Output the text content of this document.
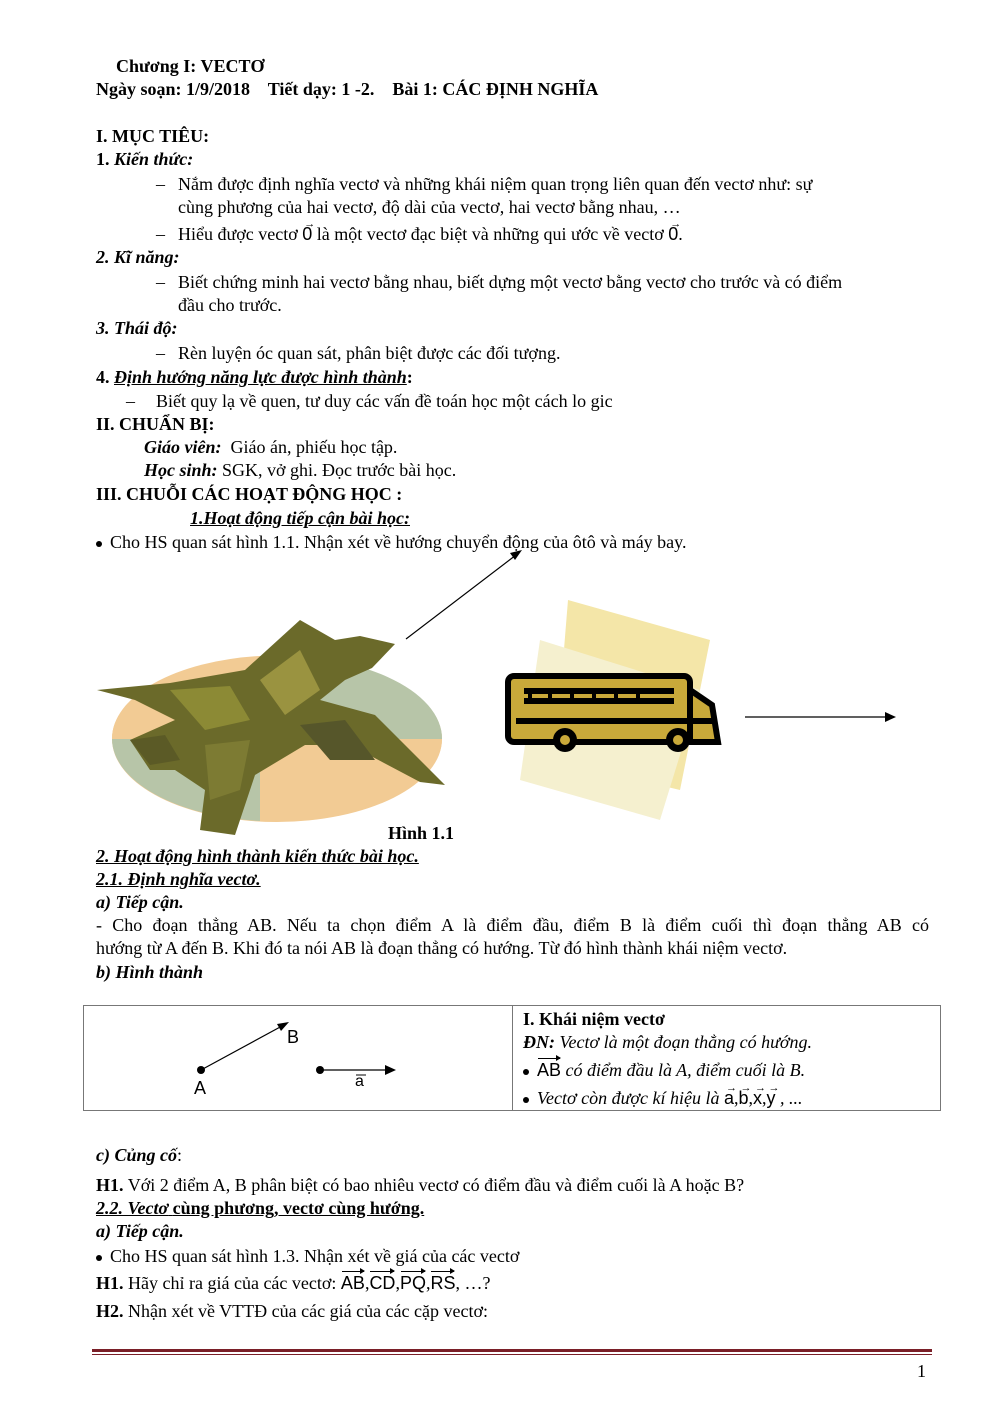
Chương I: VECTƠ
Ngày soạn: 1/9/2018 Tiết dạy: 1 -2. Bài 1: CÁC ĐỊNH NGHĨA
I. MỤC TIÊU:
1. Kiến thức:
– Nắm được định nghĩa vectơ và những khái niệm quan trọng liên quan đến vectơ như: sự
cùng phương của hai vectơ, độ dài của vectơ, hai vectơ bằng nhau, …
– Hiểu được vectơ → 0 là một vectơ đạc biệt và những qui ước về vectơ → 0.
2. Kĩ năng:
– Biết chứng minh hai vectơ bằng nhau, biết dựng một vectơ bằng vectơ cho trước và có điểm
đầu cho trước.
3. Thái độ:
– Rèn luyện óc quan sát, phân biệt được các đối tượng.
4. Định hướng năng lực được hình thành:
– Biết quy lạ về quen, tư duy các vấn đề toán học một cách lo gic
II. CHUẨN BỊ:
Giáo viên: Giáo án, phiếu học tập.
Học sinh: SGK, vở ghi. Đọc trước bài học.
III. CHUỖI CÁC HOẠT ĐỘNG HỌC :
1.Hoạt động tiếp cận bài học:
Cho HS quan sát hình 1.1. Nhận xét về hướng chuyển động của ôtô và máy bay.
Hình 1.1
2. Hoạt động hình thành kiến thức bài học.
2.1. Định nghĩa vectơ.
a) Tiếp cận.
- Cho đoạn thẳng AB. Nếu ta chọn điểm A là điểm đầu, điểm B là điểm cuối thì đoạn thẳng AB có
hướng từ A đến B. Khi đó ta nói AB là đoạn thẳng có hướng. Từ đó hình thành khái niệm vectơ.
b) Hình thành
A
B
a

I. Khái niệm vectơ
ĐN: Vectơ là một đoạn thẳng có hướng.
AB có điểm đầu là A, điểm cuối là B.
Vectơ còn được kí hiệu là → a,→ b,→ x,→ y , ...
c) Củng cố:
H1. Với 2 điểm A, B phân biệt có bao nhiêu vectơ có điểm đầu và điểm cuối là A hoặc B?
2.2. Vectơ cùng phương, vectơ cùng hướng.
a) Tiếp cận.
Cho HS quan sát hình 1.3. Nhận xét về giá của các vectơ
H1. Hãy chỉ ra giá của các vectơ: AB,CD,PQ,RS, …?
H2. Nhận xét về VTTĐ của các giá của các cặp vectơ:
1
